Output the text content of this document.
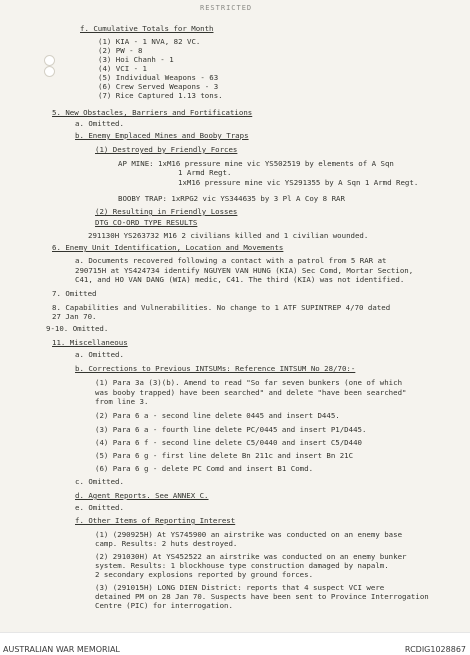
RESTRICTED
f. Cumulative Totals for Month
(1) KIA - 1 NVA, 82 VC.
(2) PW - 8
(3) Hoi Chanh - 1
(4) VCI - 1
(5) Individual Weapons - 63
(6) Crew Served Weapons - 3
(7) Rice Captured 1.13 tons.
5. New Obstacles, Barriers and Fortifications
a. Omitted.
b. Enemy Emplaced Mines and Booby Traps
(1) Destroyed by Friendly Forces
AP MINE: 1xM16 pressure mine vic YS502519 by elements of A Sqn
1 Armd Regt.
1xM16 pressure mine vic YS291355 by A Sqn 1 Armd Regt.
BOOBY TRAP: 1xRPG2 vic YS344635 by 3 Pl A Coy 8 RAR
(2) Resulting in Friendly Losses
DTG CO-ORD TYPE RESULTS
291130H YS263732 M16 2 civilians killed and 1 civilian wounded.
6. Enemy Unit Identification, Location and Movements
a. Documents recovered following a contact with a patrol from 5 RAR at
290715H at YS424734 identify NGUYEN VAN HUNG (KIA) Sec Comd, Mortar Section,
C41, and HO VAN DANG (WIA) medic, C41. The third (KIA) was not identified.
7. Omitted
8. Capabilities and Vulnerabilities. No change to 1 ATF SUPINTREP 4/70 dated
27 Jan 70.
9-10. Omitted.
11. Miscellaneous
a. Omitted.
b. Corrections to Previous INTSUMs: Reference INTSUM No 28/70:-
(1) Para 3a (3)(b). Amend to read "So far seven bunkers (one of which
was booby trapped) have been searched" and delete "have been searched"
from line 3.
(2) Para 6 a - second line delete 0445 and insert D445.
(3) Para 6 a - fourth line delete PC/0445 and insert P1/D445.
(4) Para 6 f - second line delete C5/0440 and insert C5/D440
(5) Para 6 g - first line delete Bn 211c and insert Bn 21C
(6) Para 6 g - delete PC Comd and insert B1 Comd.
c. Omitted.
d. Agent Reports. See ANNEX C.
e. Omitted.
f. Other Items of Reporting Interest
(1) (290925H) At YS745900 an airstrike was conducted on an enemy base
camp. Results: 2 huts destroyed.
(2) 291030H) At YS452522 an airstrike was conducted on an enemy bunker
system. Results: 1 blockhouse type construction damaged by napalm.
2 secondary explosions reported by ground forces.
(3) (291015H) LONG DIEN District: reports that 4 suspect VCI were
detained PM on 28 Jan 70. Suspects have been sent to Province Interrogation
Centre (PIC) for interrogation.
AUSTRALIAN WAR MEMORIAL	RCDIG1028867
